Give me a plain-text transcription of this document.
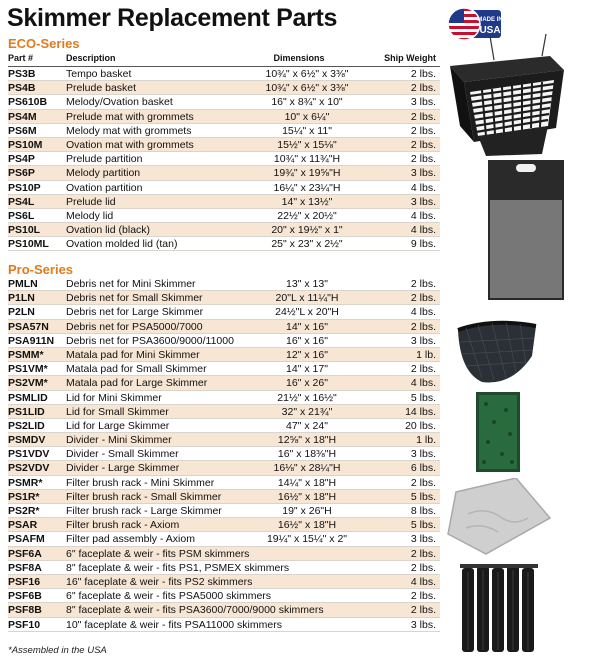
Skimmer Replacement Parts	MADE IN
USA
ECO-Series
Part #	Description	Dimensions	Ship Weight
PS3B	Tempo basket	10¾" x 6½" x 3⅜"	2 lbs.
PS4B	Prelude basket	10¾" x 6½" x 3⅜"	2 lbs.
PS610B Melody/Ovation basket	16" x 8¾" x 10"	3 lbs.
PS4M	Prelude mat with grommets	10" x 6¼"	2 lbs.
PS6M	Melody mat with grommets	15¼" x 11"	2 lbs.
PS10M Ovation mat with grommets	15½" x 15⅛"	2 lbs.
PS4P	Prelude partition	10¾" x 11¾"H	2 lbs.
PS6P	Melody partition	19¾" x 19⅝"H	3 lbs.
PS10P Ovation partition	16¼" x 23¼"H	4 lbs.
PS4L	Prelude lid	14" x 13½"	3 lbs.
PS6L	Melody lid	22½" x 20½"	4 lbs.
PS10L Ovation lid (black)	20" x 19½" x 1"	4 lbs.
PS10ML Ovation molded lid (tan)	25" x 23" x 2½"	9 lbs.
Pro-Series
PMLN	Debris net for Mini Skimmer	13" x 13"	2 lbs.
P1LN	Debris net for Small Skimmer	20"L x 11¼"H	2 lbs.
P2LN	Debris net for Large Skimmer	24½"L x 20"H	4 lbs.
PSA57N Debris net for PSA5000/7000	14" x 16"	2 lbs.
PSA911N Debris net for PSA3600/9000/11000	16" x 16"	3 lbs.
PSMM* Matala pad for Mini Skimmer	12" x 16"	1 lb.
PS1VM* Matala pad for Small Skimmer	14" x 17"	2 lbs.
PS2VM* Matala pad for Large Skimmer	16" x 26"	4 lbs.
PSMLID Lid for Mini Skimmer	21½" x 16½"	5 lbs.
PS1LID Lid for Small Skimmer	32" x 21¾"	14 lbs.
PS2LID Lid for Large Skimmer	47" x 24"	20 lbs.
PSMDV Divider - Mini Skimmer	12⅝" x 18"H	1 lb.
PS1VDV Divider - Small Skimmer	16" x 18⅜"H	3 lbs.
PS2VDV Divider - Large Skimmer	16⅛" x 28¼"H	6 lbs.
PSMR* Filter brush rack - Mini Skimmer	14¼" x 18"H	2 lbs.
PS1R*	Filter brush rack - Small Skimmer	16½" x 18"H	5 lbs.
PS2R*	Filter brush rack - Large Skimmer	19" x 26"H	8 lbs.
PSAR	Filter brush rack - Axiom	16½" x 18"H	5 lbs.
PSAFM Filter pad assembly - Axiom	19¼" x 15¼" x 2"	3 lbs.
PSF6A 6" faceplate & weir - fits PSM skimmers	2 lbs.
PSF8A 8" faceplate & weir - fits PS1, PSMEX skimmers	2 lbs.
PSF16 16" faceplate & weir - fits PS2 skimmers	4 lbs.
PSF6B 6" faceplate & weir - fits PSA5000 skimmers	2 lbs.
PSF8B 8" faceplate & weir - fits PSA3600/7000/9000 skimmers	2 lbs.
PSF10 10" faceplate & weir - fits PSA11000 skimmers	3 lbs.
*Assembled in the USA
